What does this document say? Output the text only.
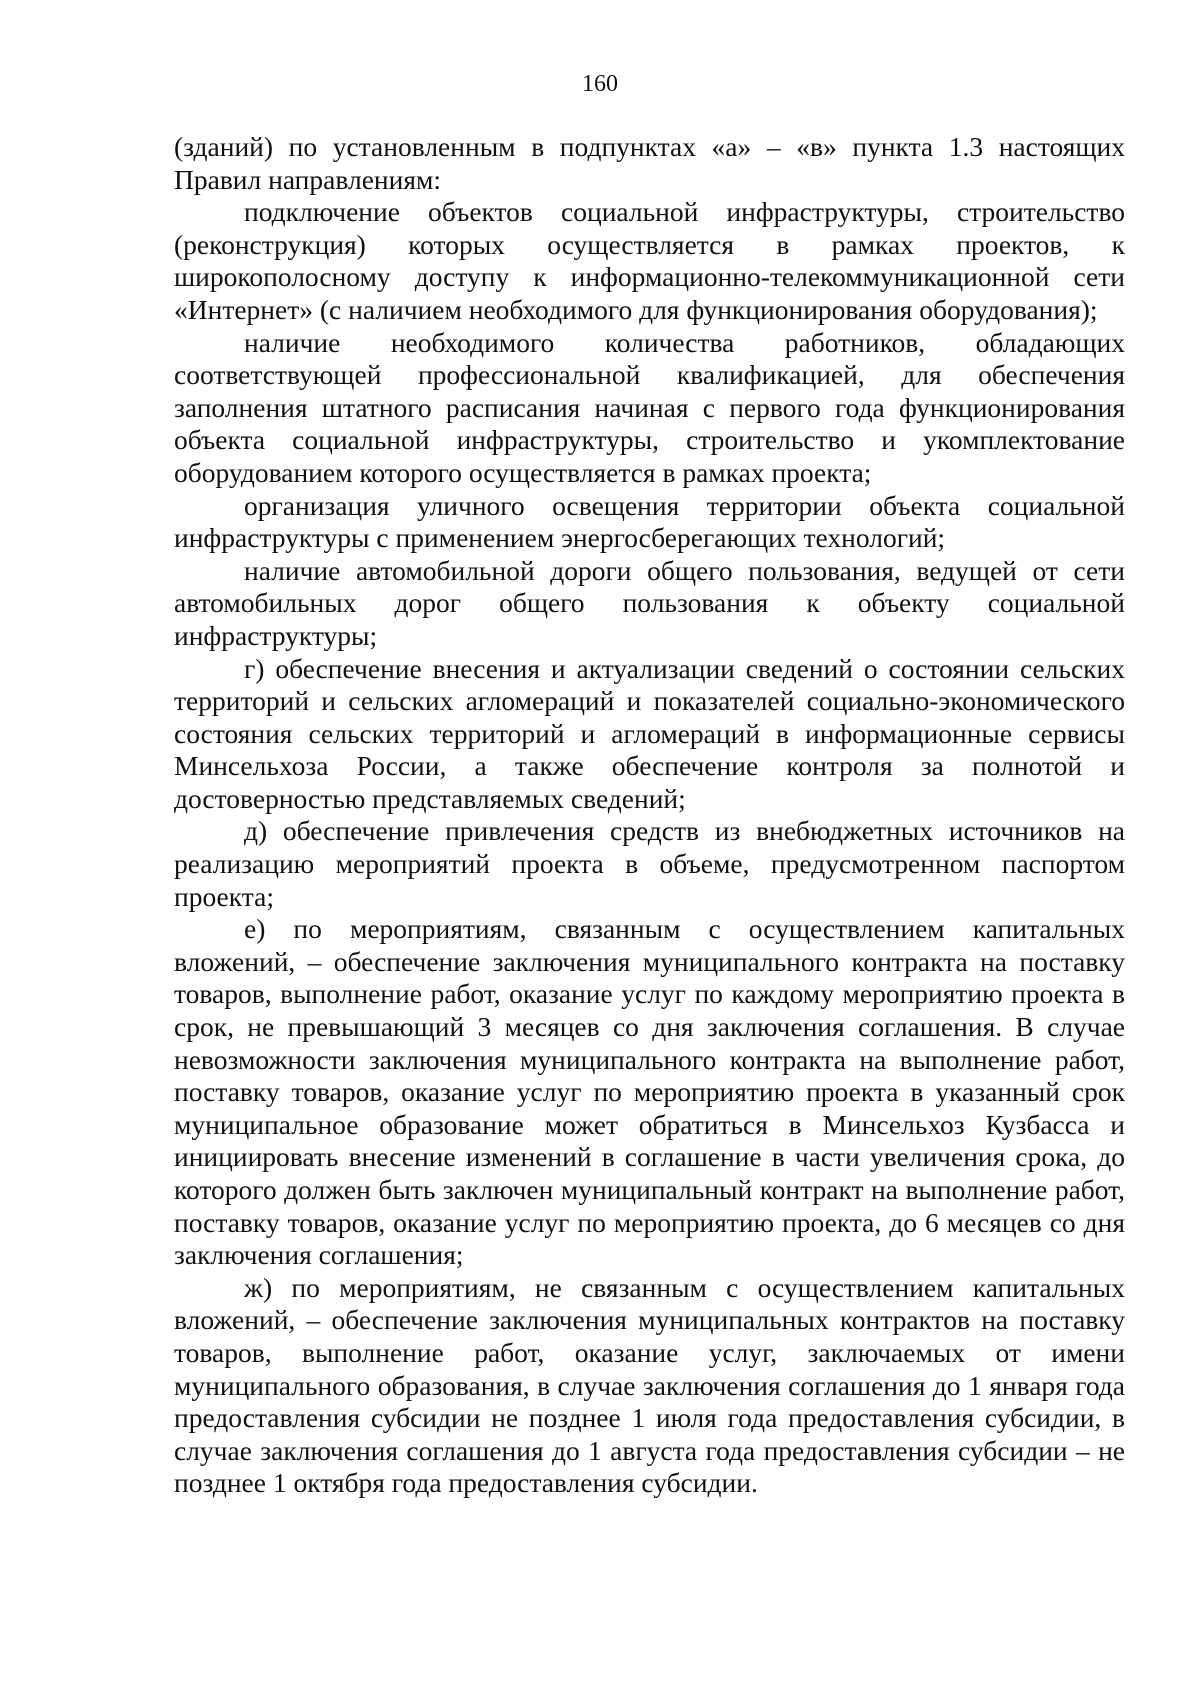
160

(зданий) по установленным в подпунктах «а» – «в» пункта 1.3 настоящих Правил направлениям:

подключение объектов социальной инфраструктуры, строительство (реконструкция) которых осуществляется в рамках проектов, к широкополосному доступу к информационно-телекоммуникационной сети «Интернет» (с наличием необходимого для функционирования оборудования);

наличие необходимого количества работников, обладающих соответствующей профессиональной квалификацией, для обеспечения заполнения штатного расписания начиная с первого года функционирования объекта социальной инфраструктуры, строительство и укомплектование оборудованием которого осуществляется в рамках проекта;

организация уличного освещения территории объекта социальной инфраструктуры с применением энергосберегающих технологий;

наличие автомобильной дороги общего пользования, ведущей от сети автомобильных дорог общего пользования к объекту социальной инфраструктуры;

г) обеспечение внесения и актуализации сведений о состоянии сельских территорий и сельских агломераций и показателей социально-экономического состояния сельских территорий и агломераций в информационные сервисы Минсельхоза России, а также обеспечение контроля за полнотой и достоверностью представляемых сведений;

д) обеспечение привлечения средств из внебюджетных источников на реализацию мероприятий проекта в объеме, предусмотренном паспортом проекта;

е) по мероприятиям, связанным с осуществлением капитальных вложений, – обеспечение заключения муниципального контракта на поставку товаров, выполнение работ, оказание услуг по каждому мероприятию проекта в срок, не превышающий 3 месяцев со дня заключения соглашения. В случае невозможности заключения муниципального контракта на выполнение работ, поставку товаров, оказание услуг по мероприятию проекта в указанный срок муниципальное образование может обратиться в Минсельхоз Кузбасса и инициировать внесение изменений в соглашение в части увеличения срока, до которого должен быть заключен муниципальный контракт на выполнение работ, поставку товаров, оказание услуг по мероприятию проекта, до 6 месяцев со дня заключения соглашения;

ж) по мероприятиям, не связанным с осуществлением капитальных вложений, – обеспечение заключения муниципальных контрактов на поставку товаров, выполнение работ, оказание услуг, заключаемых от имени муниципального образования, в случае заключения соглашения до 1 января года предоставления субсидии не позднее 1 июля года предоставления субсидии, в случае заключения соглашения до 1 августа года предоставления субсидии – не позднее 1 октября года предоставления субсидии.
